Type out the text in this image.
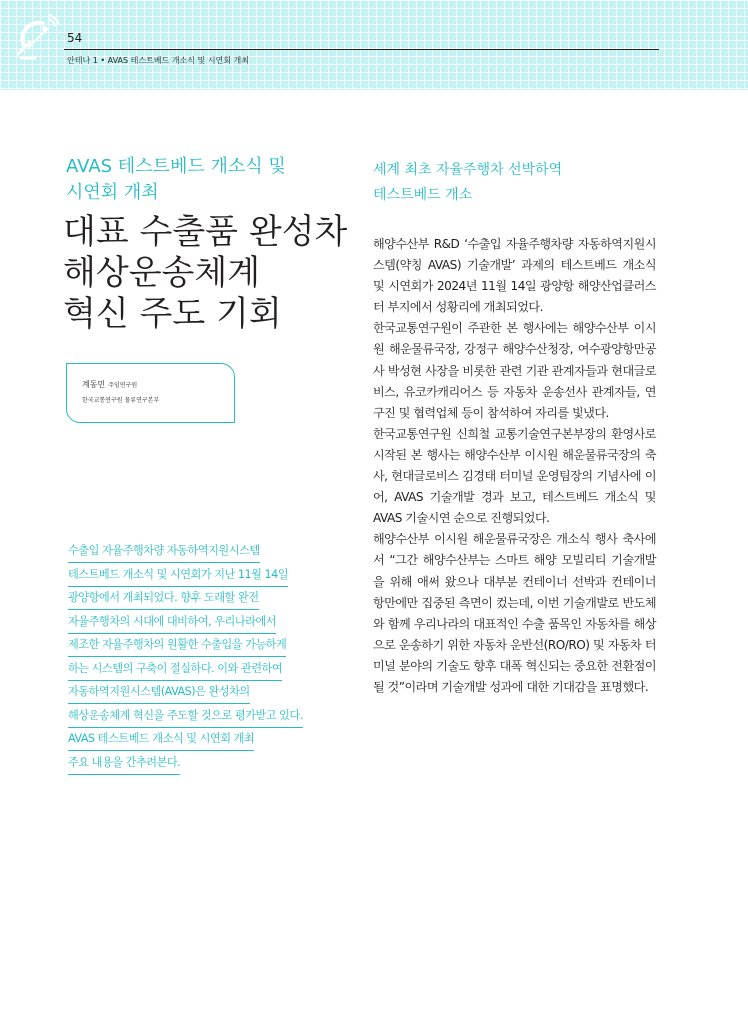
54
안테나 1 • AVAS 테스트베드 개소식 및 시연회 개최
AVAS 테스트베드 개소식 및
시연회 개최
대표 수출품 완성차
해상운송체계
혁신 주도 기회
계동민 주임연구원
한국교통연구원 물류연구본부
수출입 자율주행차량 자동하역지원시스템
테스트베드 개소식 및 시연회가 지난 11월 14일
광양항에서 개최되었다. 향후 도래할 완전
자율주행차의 시대에 대비하여, 우리나라에서
제조한 자율주행차의 원활한 수출입을 가능하게
하는 시스템의 구축이 절실하다. 이와 관련하여
자동하역지원시스템(AVAS)은 완성차의
해상운송체계 혁신을 주도할 것으로 평가받고 있다.
AVAS 테스트베드 개소식 및 시연회 개최
주요 내용을 간추려본다.
세계 최초 자율주행차 선박하역
테스트베드 개소

해양수산부 R&D ‘수출입 자율주행차량 자동하역지원시스템(약칭 AVAS) 기술개발’ 과제의 테스트베드 개소식 및 시연회가 2024년 11월 14일 광양항 해양산업클러스터 부지에서 성황리에 개최되었다.

한국교통연구원이 주관한 본 행사에는 해양수산부 이시원 해운물류국장, 강정구 해양수산청장, 여수광양항만공사 박성현 사장을 비롯한 관련 기관 관계자들과 현대글로비스, 유코카캐리어스 등 자동차 운송선사 관계자들, 연구진 및 협력업체 등이 참석하여 자리를 빛냈다.

한국교통연구원 신희철 교통기술연구본부장의 환영사로 시작된 본 행사는 해양수산부 이시원 해운물류국장의 축사, 현대글로비스 김경태 터미널 운영팀장의 기념사에 이어, AVAS 기술개발 경과 보고, 테스트베드 개소식 및 AVAS 기술시연 순으로 진행되었다.

해양수산부 이시원 해운물류국장은 개소식 행사 축사에서 “그간 해양수산부는 스마트 해양 모빌리티 기술개발을 위해 애써 왔으나 대부분 컨테이너 선박과 컨테이너 항만에만 집중된 측면이 컸는데, 이번 기술개발로 반도체와 함께 우리나라의 대표적인 수출 품목인 자동차를 해상으로 운송하기 위한 자동차 운반선(RO/RO) 및 자동차 터미널 분야의 기술도 향후 대폭 혁신되는 중요한 전환점이 될 것”이라며 기술개발 성과에 대한 기대감을 표명했다.
